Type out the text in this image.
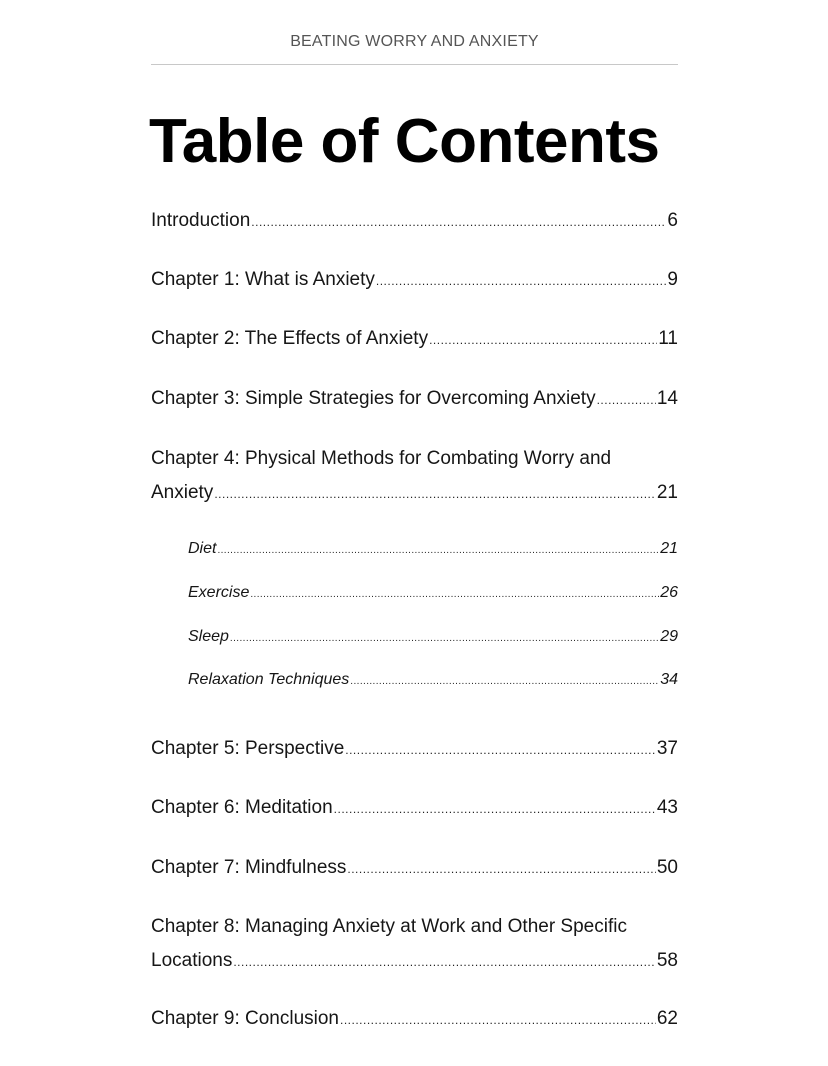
BEATING WORRY AND ANXIETY
Table of Contents
Introduction .....	6
Chapter 1: What is Anxiety .....	9
Chapter 2: The Effects of Anxiety .....	11
Chapter 3: Simple Strategies for Overcoming Anxiety .....	14
Chapter 4: Physical Methods for Combating Worry and
Anxiety .....	21
Diet .....	21
Exercise .....	26
Sleep .....	29
Relaxation Techniques .....	34
Chapter 5: Perspective .....	37
Chapter 6: Meditation .....	43
Chapter 7: Mindfulness .....	50
Chapter 8: Managing Anxiety at Work and Other Specific
Locations .....	58
Chapter 9: Conclusion .....	62
